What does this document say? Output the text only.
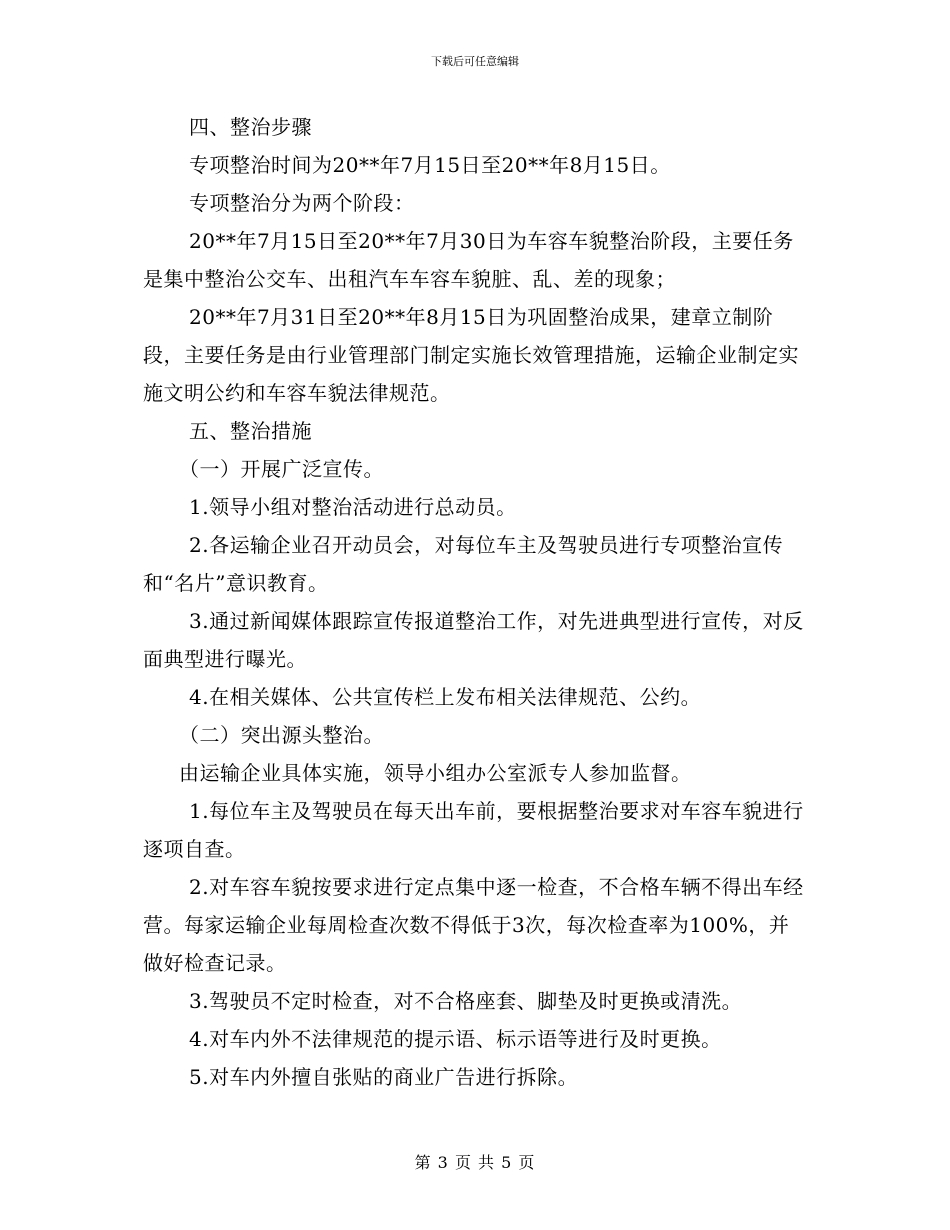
下载后可任意编辑

四、整治步骤

专项整治时间为20**年7月15日至20**年8月15日。

专项整治分为两个阶段：

20**年7月15日至20**年7月30日为车容车貌整治阶段，主要任务是集中整治公交车、出租汽车车容车貌脏、乱、差的现象；

20**年7月31日至20**年8月15日为巩固整治成果，建章立制阶段，主要任务是由行业管理部门制定实施长效管理措施，运输企业制定实施文明公约和车容车貌法律规范。

五、整治措施

（一）开展广泛宣传。

1.领导小组对整治活动进行总动员。

2.各运输企业召开动员会，对每位车主及驾驶员进行专项整治宣传和“名片”意识教育。

3.通过新闻媒体跟踪宣传报道整治工作，对先进典型进行宣传，对反面典型进行曝光。

4.在相关媒体、公共宣传栏上发布相关法律规范、公约。

（二）突出源头整治。

由运输企业具体实施，领导小组办公室派专人参加监督。

1.每位车主及驾驶员在每天出车前，要根据整治要求对车容车貌进行逐项自查。

2.对车容车貌按要求进行定点集中逐一检查，不合格车辆不得出车经营。每家运输企业每周检查次数不得低于3次，每次检查率为100%，并做好检查记录。

3.驾驶员不定时检查，对不合格座套、脚垫及时更换或清洗。

4.对车内外不法律规范的提示语、标示语等进行及时更换。

5.对车内外擅自张贴的商业广告进行拆除。

第 3 页 共 5 页
